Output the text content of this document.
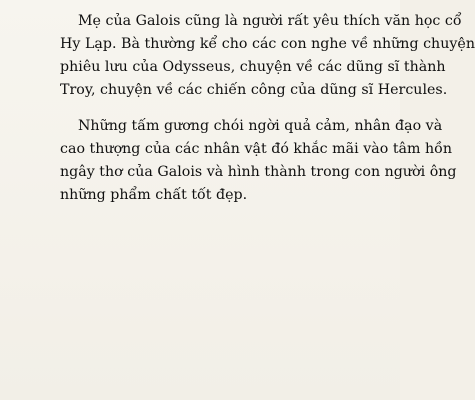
Mẹ của Galois cũng là người rất yêu thích văn học cổ
Hy Lạp. Bà thường kể cho các con nghe về những chuyện
phiêu lưu của Odysseus, chuyện về các dũng sĩ thành
Troy, chuyện về các chiến công của dũng sĩ Hercules.

Những tấm gương chói ngời quả cảm, nhân đạo và
cao thượng của các nhân vật đó khắc mãi vào tâm hồn
ngây thơ của Galois và hình thành trong con người ông
những phẩm chất tốt đẹp.
